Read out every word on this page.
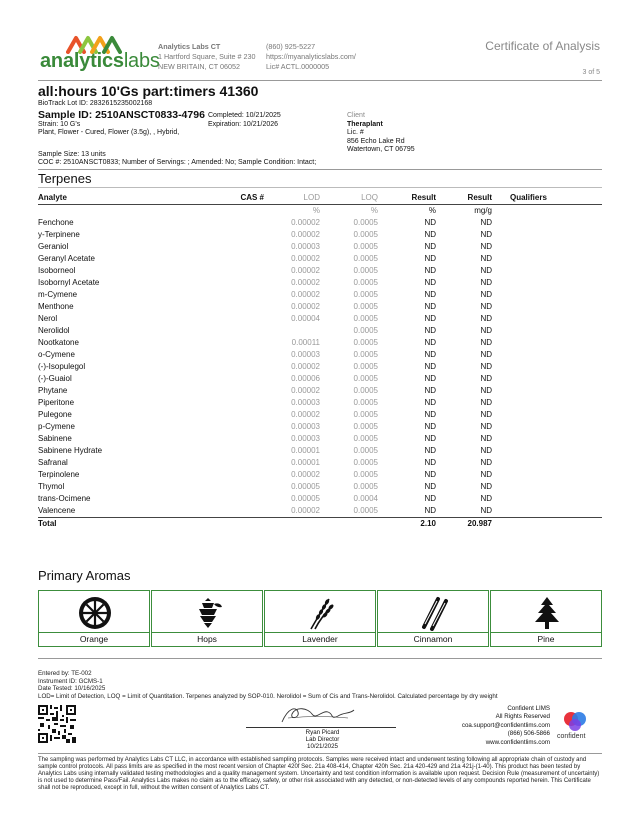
analyticslabs
Analytics Labs CT
1 Hartford Square, Suite # 230
NEW BRITAIN, CT 06052
(860) 925-5227
https://myanalyticslabs.com/
Lic# ACTL.0000005
Certificate of Analysis
3 of 5
all:hours 10'Gs part:timers 41360
BioTrack Lot ID: 2832615235002168
Sample ID: 2510ANSCT0833-4796
Strain: 10 G's
Plant, Flower - Cured, Flower (3.5g), , Hybrid,
Completed: 10/21/2025
Expiration: 10/21/2026
Client
Theraplant
Lic. #
856 Echo Lake Rd
Watertown, CT 06795
Sample Size: 13 units
COC #: 2510ANSCT0833; Number of Servings: ; Amended: No; Sample Condition: Intact;
Terpenes
Analyte	CAS #	LOD	LOQ	Result	Result	Qualifiers
		%	%	%	mg/g	
Fenchone		0.00002	0.0005	ND	ND	
y-Terpinene		0.00002	0.0005	ND	ND	
Geraniol		0.00003	0.0005	ND	ND	
Geranyl Acetate		0.00002	0.0005	ND	ND	
Isoborneol		0.00002	0.0005	ND	ND	
Isobornyl Acetate		0.00002	0.0005	ND	ND	
m-Cymene		0.00002	0.0005	ND	ND	
Menthone		0.00002	0.0005	ND	ND	
Nerol		0.00004	0.0005	ND	ND	
Nerolidol			0.0005	ND	ND	
Nootkatone		0.00011	0.0005	ND	ND	
o-Cymene		0.00003	0.0005	ND	ND	
(-)-Isopulegol		0.00002	0.0005	ND	ND	
(-)-Guaiol		0.00006	0.0005	ND	ND	
Phytane		0.00002	0.0005	ND	ND	
Piperitone		0.00003	0.0005	ND	ND	
Pulegone		0.00002	0.0005	ND	ND	
p-Cymene		0.00003	0.0005	ND	ND	
Sabinene		0.00003	0.0005	ND	ND	
Sabinene Hydrate		0.00001	0.0005	ND	ND	
Safranal		0.00001	0.0005	ND	ND	
Terpinolene		0.00002	0.0005	ND	ND	
Thymol		0.00005	0.0005	ND	ND	
trans-Ocimene		0.00005	0.0004	ND	ND	
Valencene		0.00002	0.0005	ND	ND	
Total				2.10	20.987	
Primary Aromas
Orange	Hops	Lavender	Cinnamon	Pine
Entered by: TE-002
Instrument ID: GCMS-1
Date Tested: 10/16/2025
LOD= Limit of Detection, LOQ = Limit of Quantitation. Terpenes analyzed by SOP-010. Nerolidol = Sum of Cis and Trans-Nerolidol. Calculated percentage by dry weight
Ryan Picard
Lab Director
10/21/2025
Confident LIMS
All Rights Reserved
coa.support@confidentlims.com
(866) 506-5866
www.confidentlims.com
confident
The sampling was performed by Analytics Labs CT LLC, in accordance with established sampling protocols. Samples were received intact and underwent testing following all appropriate chain of custody and sample control protocols. All pass limits are as specified in the most recent version of Chapter 420f Sec. 21a 408-414, Chapter 420h Sec. 21a 420-429 and 21a 421j-(1-40). This product has been tested by Analytics Labs using internally validated testing methodologies and a quality management system. Uncertainty and test condition information is available upon request. Decision Rule (measurement of uncertainty) is not used to determine Pass/Fail. Analytics Labs makes no claim as to the efficacy, safety, or other risk associated with any detected, or non-detected levels of any compounds reported herein. This Certificate shall not be reproduced, except in full, without the written consent of Analytics Labs CT.
